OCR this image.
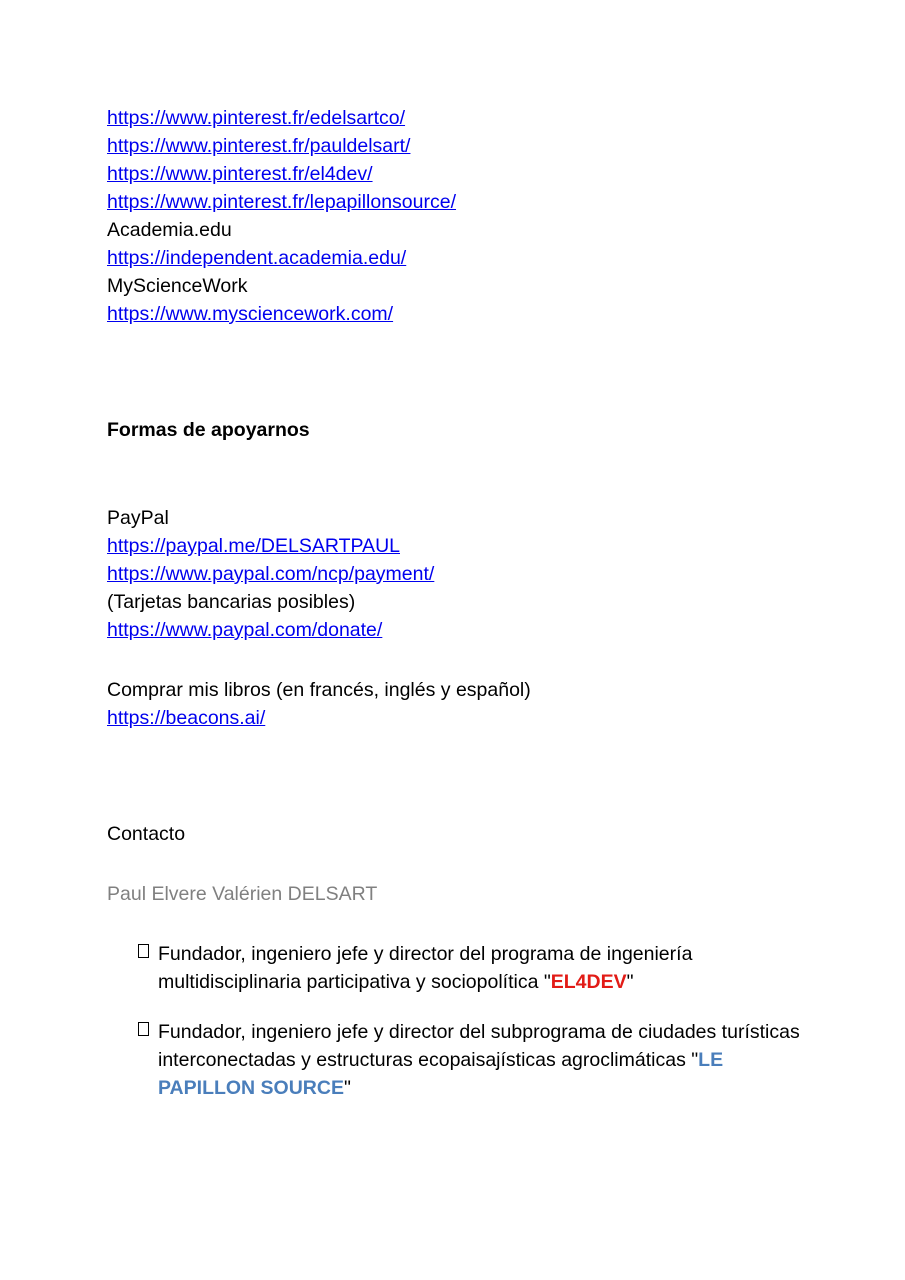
https://www.pinterest.fr/edelsartco/
https://www.pinterest.fr/pauldelsart/
https://www.pinterest.fr/el4dev/
https://www.pinterest.fr/lepapillonsource/
Academia.edu
https://independent.academia.edu/
MyScienceWork
https://www.mysciencework.com/
Formas de apoyarnos
PayPal
https://paypal.me/DELSARTPAUL
https://www.paypal.com/ncp/payment/
(Tarjetas bancarias posibles)
https://www.paypal.com/donate/
Comprar mis libros (en francés, inglés y español)
https://beacons.ai/
Contacto
Paul Elvere Valérien DELSART
Fundador, ingeniero jefe y director del programa de ingeniería multidisciplinaria participativa y sociopolítica "EL4DEV"
Fundador, ingeniero jefe y director del subprograma de ciudades turísticas interconectadas y estructuras ecopaisajísticas agroclimáticas "LE PAPILLON SOURCE"
